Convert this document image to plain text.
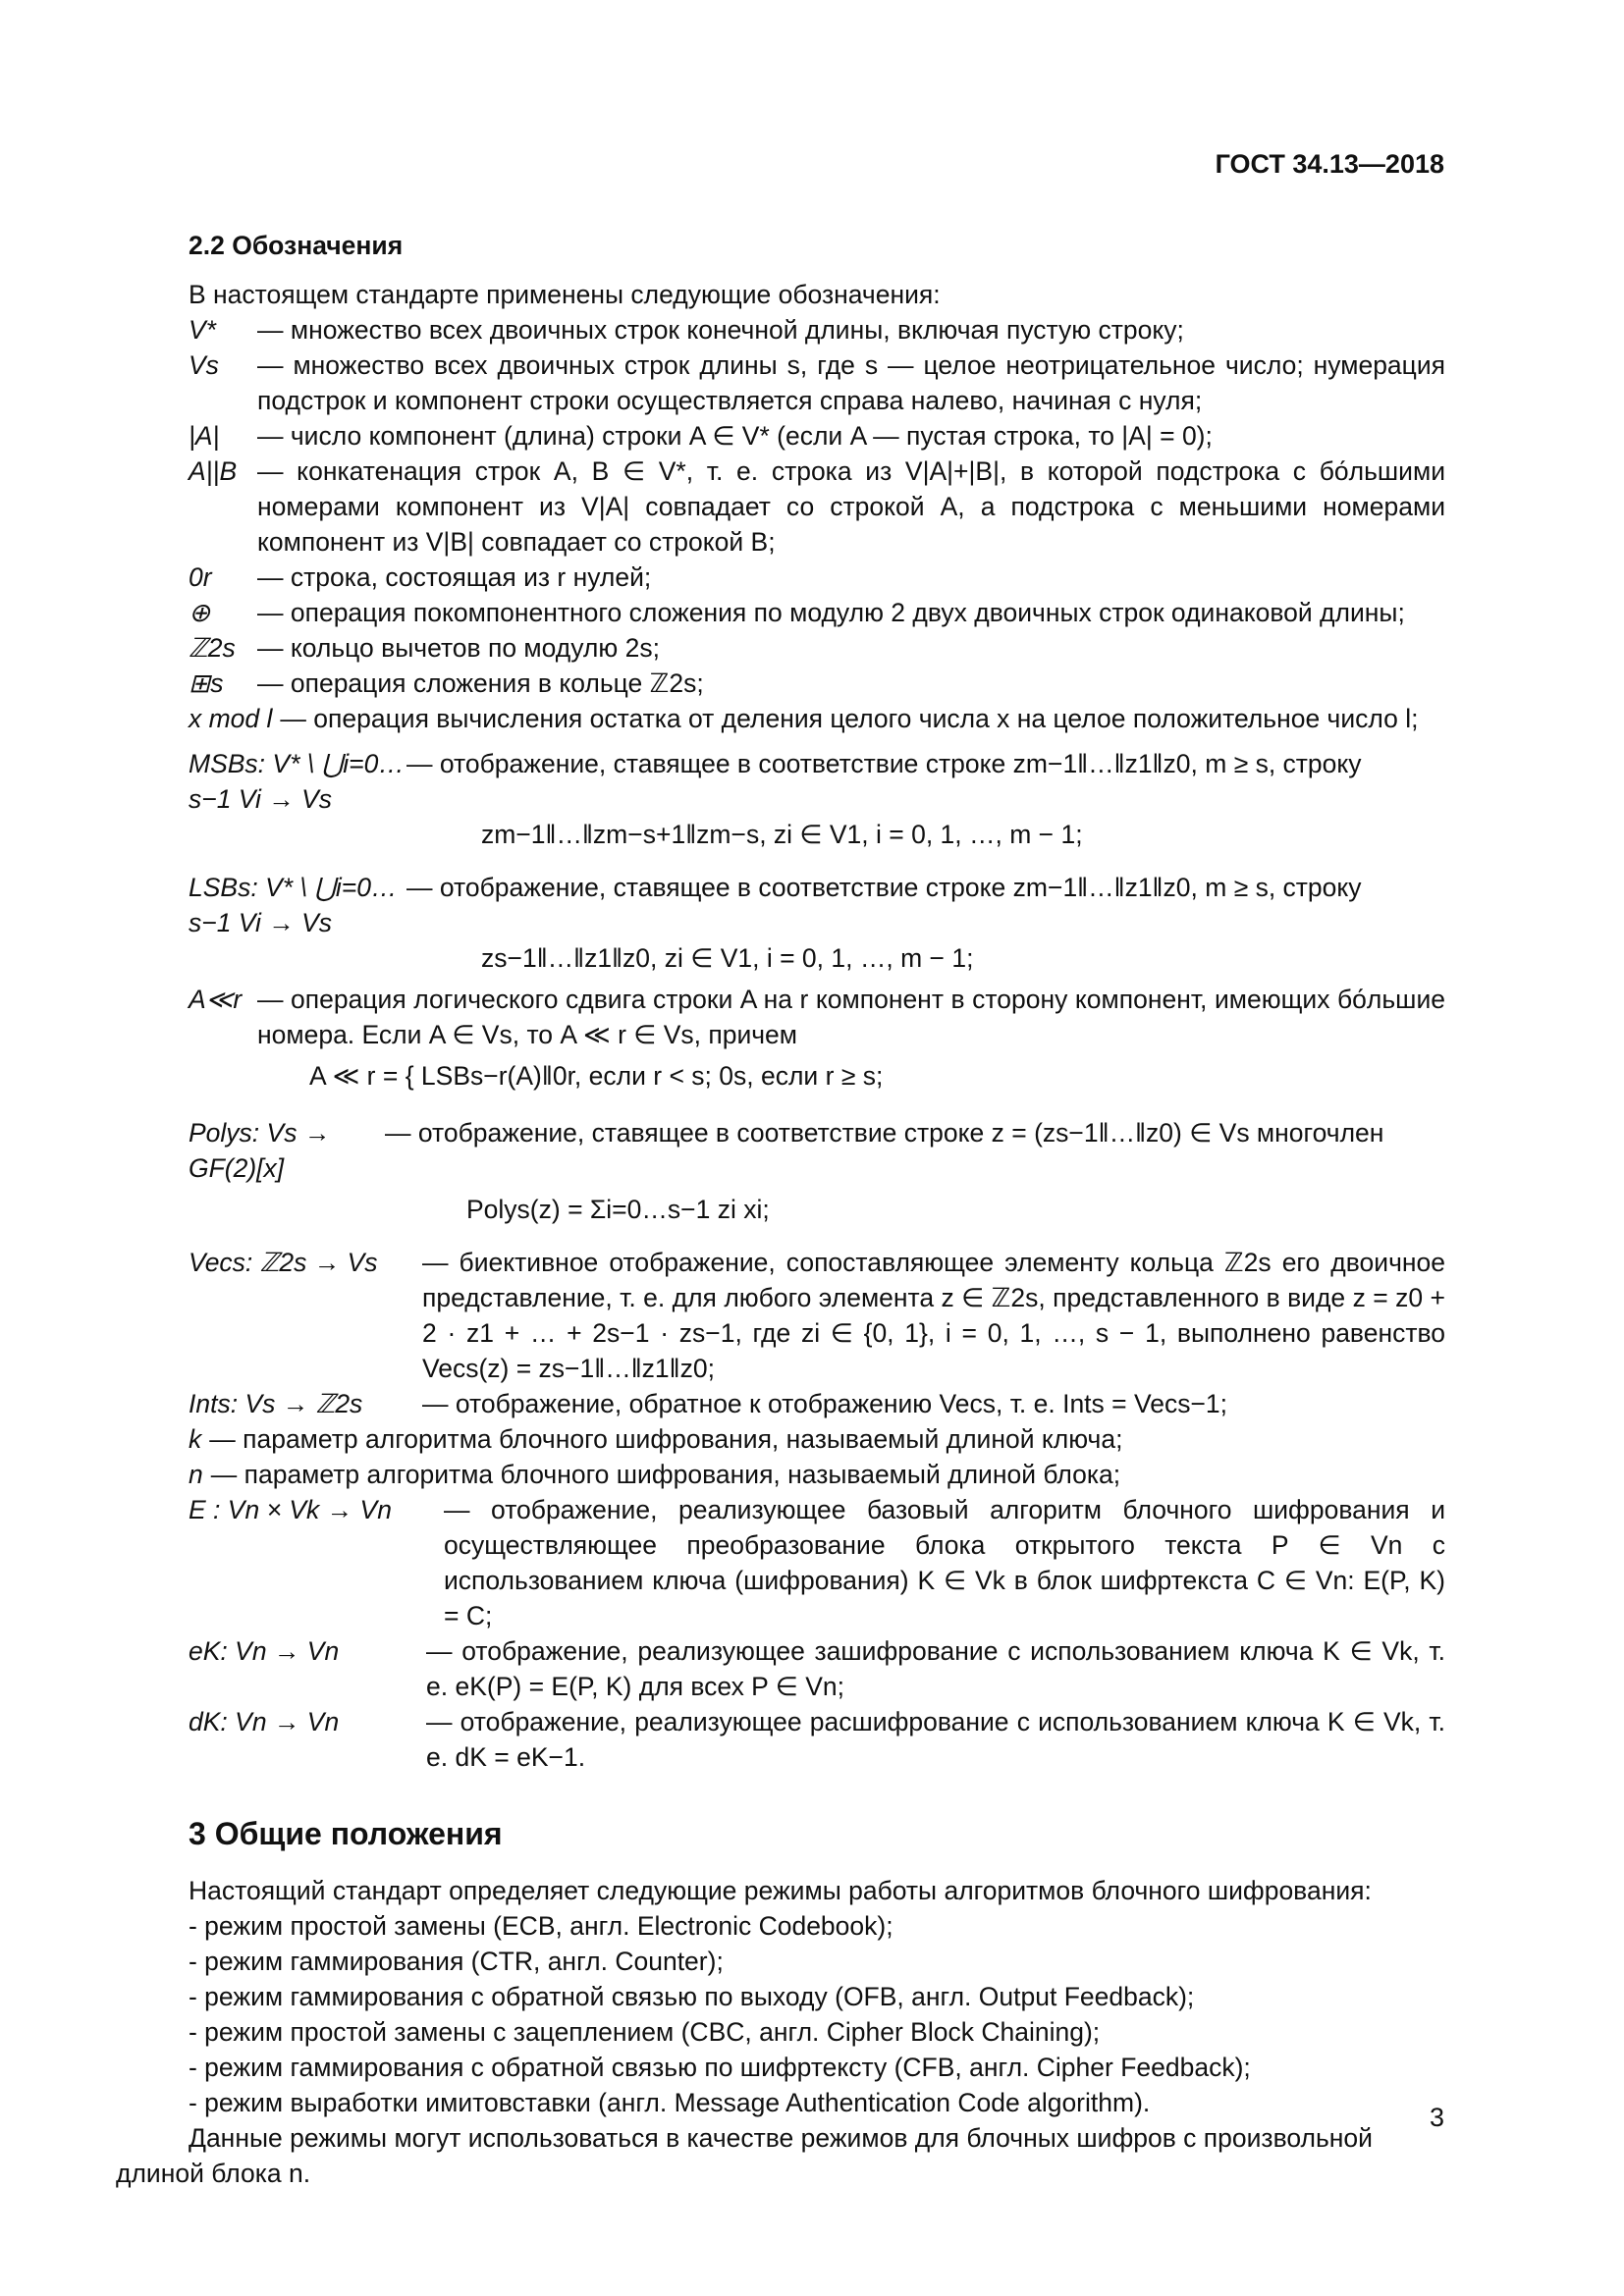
ГОСТ 34.13—2018
2.2 Обозначения

В настоящем стандарте применены следующие обозначения:

V*	— множество всех двоичных строк конечной длины, включая пустую строку;
Vs	— множество всех двоичных строк длины s, где s — целое неотрицательное число; нумерация подстрок и компонент строки осуществляется справа налево, начиная с нуля;
|A|	— число компонент (длина) строки A ∈ V* (если A — пустая строка, то |A| = 0);
A||B — конкатенация строк A, B ∈ V*, т. е. строка из V|A|+|B|, в которой подстрока с бо́льшими номерами компонент из V|A| совпадает со строкой A, а подстрока с меньшими номерами компонент из V|B| совпадает со строкой B;
0r	— строка, состоящая из r нулей;
⊕	— операция покомпонентного сложения по модулю 2 двух двоичных строк одинаковой длины;
ℤ2s — кольцо вычетов по модулю 2s;
⊞s	— операция сложения в кольце ℤ2s;
x mod l — операция вычисления остатка от деления целого числа x на целое положительное число l;
MSBs: V* \ ⋃i=0…s−1 Vi → Vs
— отображение, ставящее в соответствие строке zm−1‖…‖z1‖z0, m ≥ s, строку
zm−1‖…‖zm−s+1‖zm−s, zi ∈ V1, i = 0, 1, …, m − 1;
LSBs: V* \ ⋃i=0…s−1 Vi → Vs
— отображение, ставящее в соответствие строке zm−1‖…‖z1‖z0, m ≥ s, строку
zs−1‖…‖z1‖z0, zi ∈ V1, i = 0, 1, …, m − 1;
A≪r — операция логического сдвига строки A на r компонент в сторону компонент, имеющих бо́льшие номера. Если A ∈ Vs, то A ≪ r ∈ Vs, причем
A ≪ r = { LSBs−r(A)‖0r, если r < s; 0s, если r ≥ s;
Polys: Vs → GF(2)[x]
— отображение, ставящее в соответствие строке z = (zs−1‖…‖z0) ∈ Vs многочлен
Polys(z) = Σi=0…s−1 zi xi;
Vecs: ℤ2s → Vs	— биективное отображение, сопоставляющее элементу кольца ℤ2s его двоичное представление, т. е. для любого элемента z ∈ ℤ2s, представленного в виде z = z0 + 2 · z1 + … + 2s−1 · zs−1, где zi ∈ {0, 1}, i = 0, 1, …, s − 1, выполнено равенство Vecs(z) = zs−1‖…‖z1‖z0;
Ints: Vs → ℤ2s	— отображение, обратное к отображению Vecs, т. е. Ints = Vecs−1;
k — параметр алгоритма блочного шифрования, называемый длиной ключа;
n — параметр алгоритма блочного шифрования, называемый длиной блока;
E : Vn × Vk → Vn	— отображение, реализующее базовый алгоритм блочного шифрования и осуществляющее преобразование блока открытого текста P ∈ Vn с использованием ключа (шифрования) K ∈ Vk в блок шифртекста C ∈ Vn: E(P, K) = C;
eK: Vn → Vn	— отображение, реализующее зашифрование с использованием ключа K ∈ Vk, т. е. eK(P) = E(P, K) для всех P ∈ Vn;
dK: Vn → Vn	— отображение, реализующее расшифрование с использованием ключа K ∈ Vk, т. е. dK = eK−1.
3 Общие положения

Настоящий стандарт определяет следующие режимы работы алгоритмов блочного шифрования:

- режим простой замены (ECB, англ. Electronic Codebook);

- режим гаммирования (CTR, англ. Counter);

- режим гаммирования с обратной связью по выходу (OFB, англ. Output Feedback);

- режим простой замены с зацеплением (CBC, англ. Cipher Block Chaining);

- режим гаммирования с обратной связью по шифртексту (CFB, англ. Cipher Feedback);

- режим выработки имитовставки (англ. Message Authentication Code algorithm).

Данные режимы могут использоваться в качестве режимов для блочных шифров с произвольной длиной блока n.

3
